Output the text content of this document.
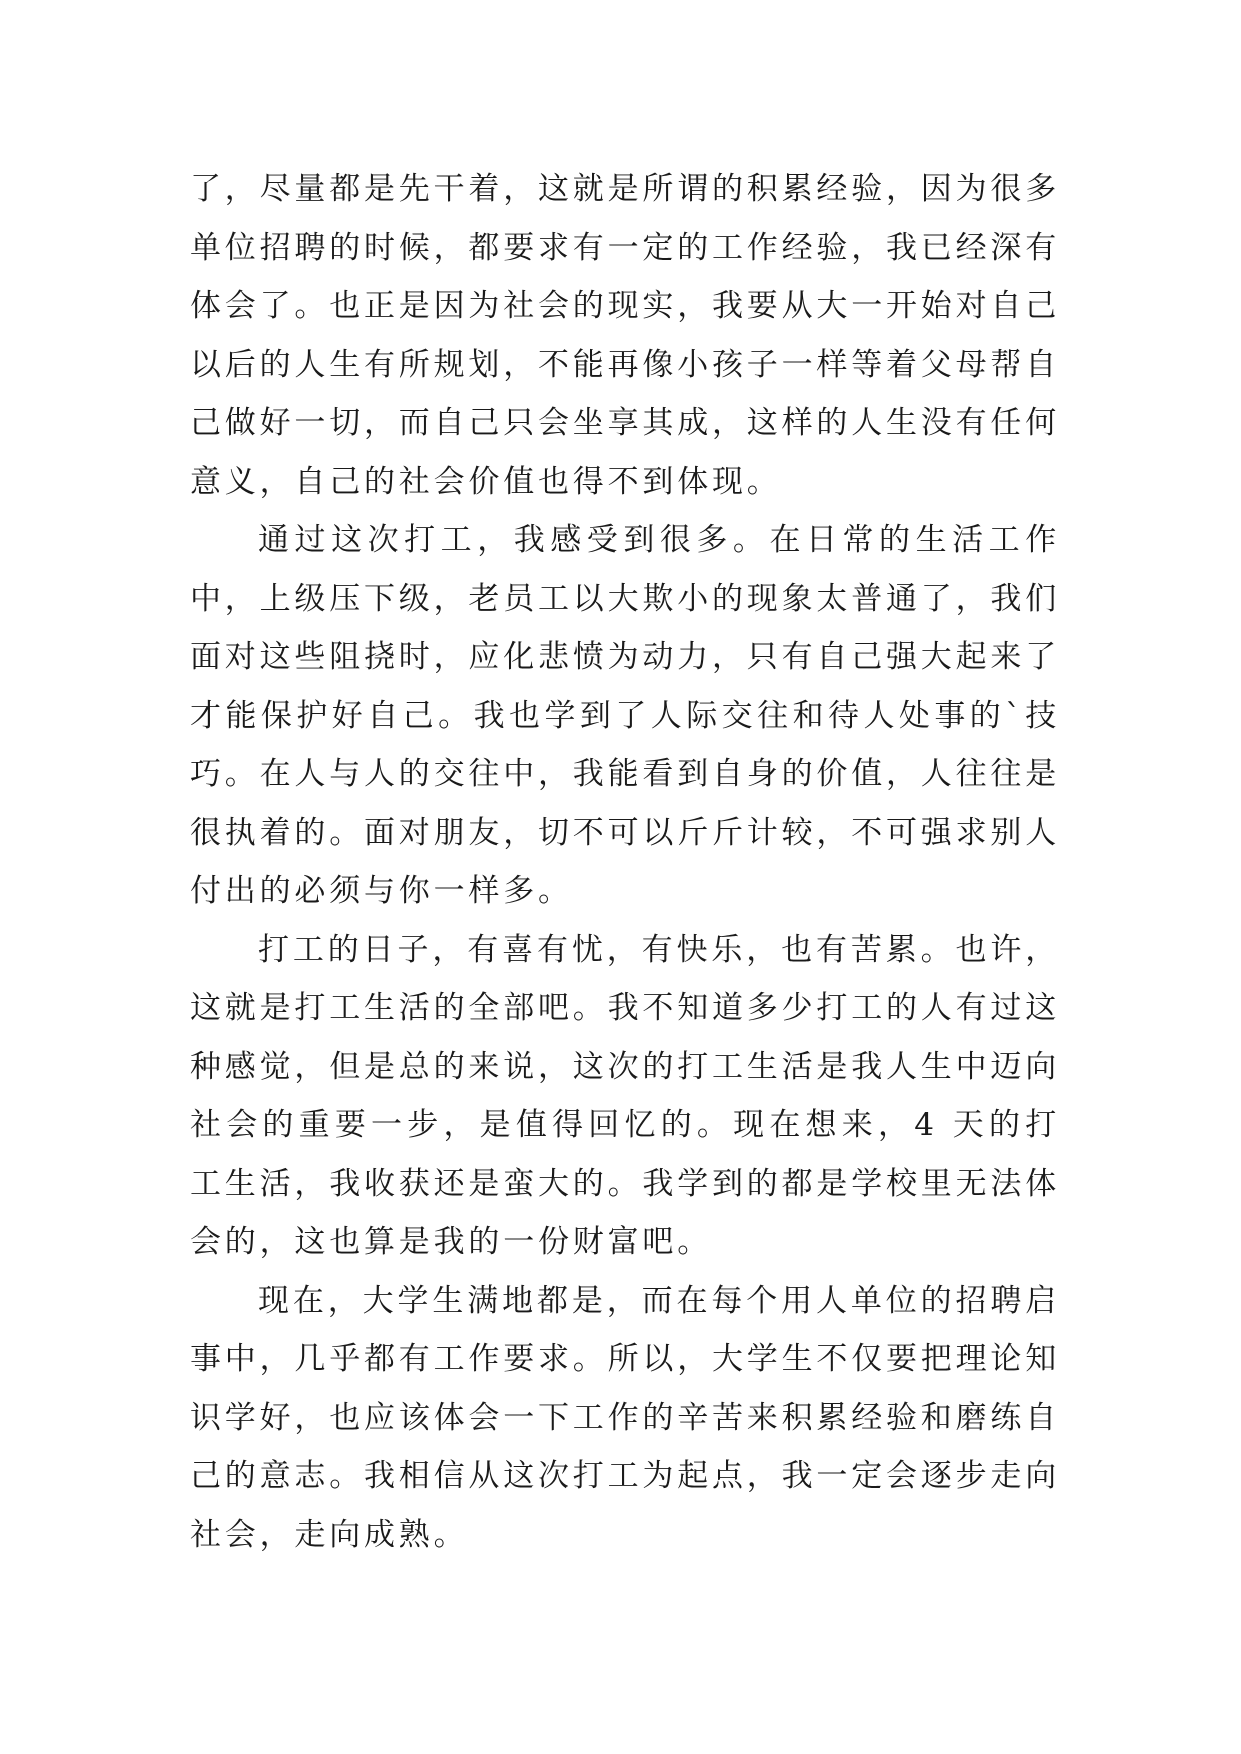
了，尽量都是先干着，这就是所谓的积累经验，因为很多单位招聘的时候，都要求有一定的工作经验，我已经深有体会了。也正是因为社会的现实，我要从大一开始对自己以后的人生有所规划，不能再像小孩子一样等着父母帮自己做好一切，而自己只会坐享其成，这样的人生没有任何意义，自己的社会价值也得不到体现。

通过这次打工，我感受到很多。在日常的生活工作中，上级压下级，老员工以大欺小的现象太普通了，我们面对这些阻挠时，应化悲愤为动力，只有自己强大起来了才能保护好自己。我也学到了人际交往和待人处事的`技巧。在人与人的交往中，我能看到自身的价值，人往往是很执着的。面对朋友，切不可以斤斤计较，不可强求别人付出的必须与你一样多。

打工的日子，有喜有忧，有快乐，也有苦累。也许，这就是打工生活的全部吧。我不知道多少打工的人有过这种感觉，但是总的来说，这次的打工生活是我人生中迈向社会的重要一步，是值得回忆的。现在想来，4 天的打工生活，我收获还是蛮大的。我学到的都是学校里无法体会的，这也算是我的一份财富吧。

现在，大学生满地都是，而在每个用人单位的招聘启事中，几乎都有工作要求。所以，大学生不仅要把理论知识学好，也应该体会一下工作的辛苦来积累经验和磨练自己的意志。我相信从这次打工为起点，我一定会逐步走向社会，走向成熟。
